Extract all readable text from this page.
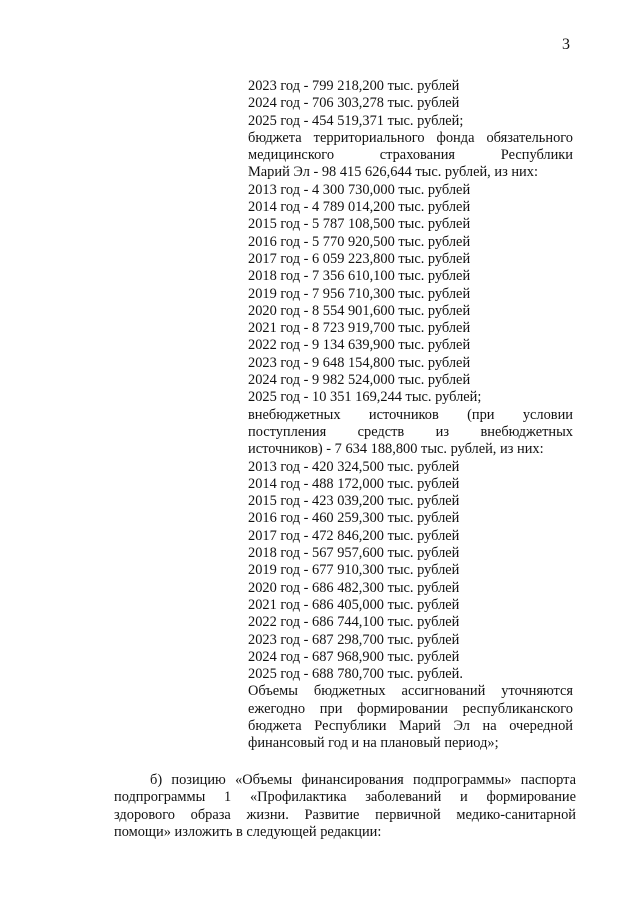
3
2023 год - 799 218,200 тыс. рублей
2024 год - 706 303,278 тыс. рублей
2025 год - 454 519,371 тыс. рублей;
бюджета территориального фонда обязательного
медицинского страхования Республики
Марий Эл - 98 415 626,644 тыс. рублей, из них:
2013 год - 4 300 730,000 тыс. рублей
2014 год - 4 789 014,200 тыс. рублей
2015 год - 5 787 108,500 тыс. рублей
2016 год - 5 770 920,500 тыс. рублей
2017 год - 6 059 223,800 тыс. рублей
2018 год - 7 356 610,100 тыс. рублей
2019 год - 7 956 710,300 тыс. рублей
2020 год - 8 554 901,600 тыс. рублей
2021 год - 8 723 919,700 тыс. рублей
2022 год - 9 134 639,900 тыс. рублей
2023 год - 9 648 154,800 тыс. рублей
2024 год - 9 982 524,000 тыс. рублей
2025 год - 10 351 169,244 тыс. рублей;
внебюджетных источников (при условии
поступления средств из внебюджетных
источников) - 7 634 188,800 тыс. рублей, из них:
2013 год - 420 324,500 тыс. рублей
2014 год - 488 172,000 тыс. рублей
2015 год - 423 039,200 тыс. рублей
2016 год - 460 259,300 тыс. рублей
2017 год - 472 846,200 тыс. рублей
2018 год - 567 957,600 тыс. рублей
2019 год - 677 910,300 тыс. рублей
2020 год - 686 482,300 тыс. рублей
2021 год - 686 405,000 тыс. рублей
2022 год - 686 744,100 тыс. рублей
2023 год - 687 298,700 тыс. рублей
2024 год - 687 968,900 тыс. рублей
2025 год - 688 780,700 тыс. рублей.
Объемы бюджетных ассигнований уточняются
ежегодно при формировании республиканского
бюджета Республики Марий Эл на очередной
финансовый год и на плановый период»;
б) позицию «Объемы финансирования подпрограммы» паспорта
подпрограммы 1 «Профилактика заболеваний и формирование
здорового образа жизни. Развитие первичной медико-санитарной
помощи» изложить в следующей редакции:
